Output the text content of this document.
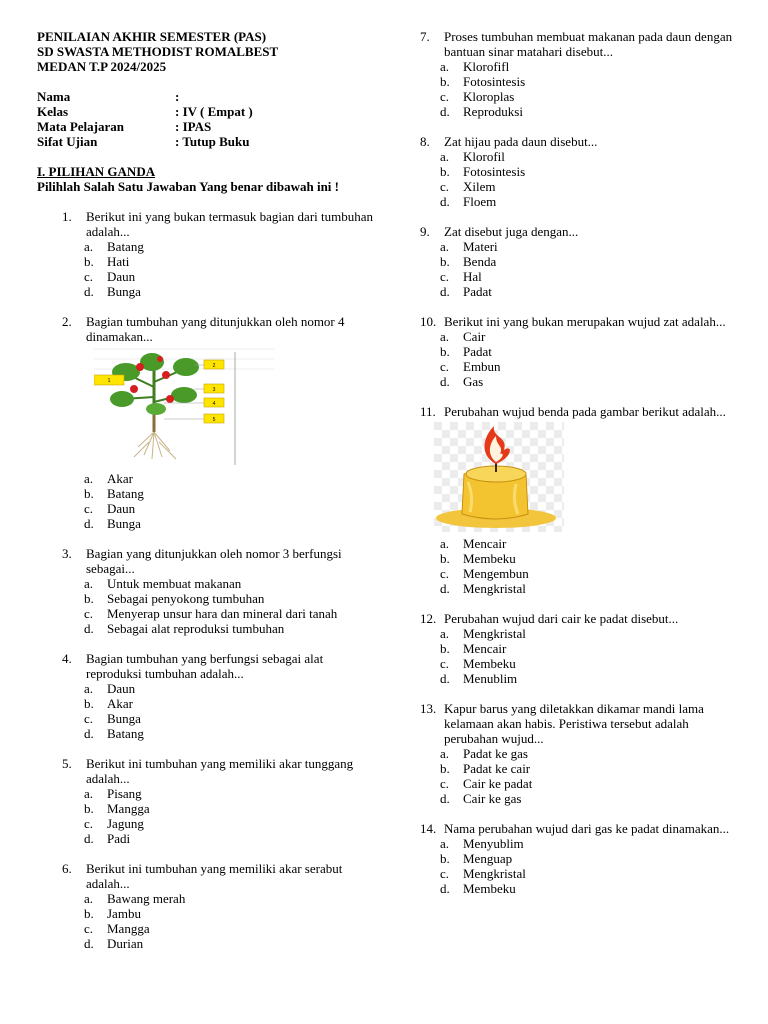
PENILAIAN AKHIR SEMESTER (PAS)
SD SWASTA METHODIST ROMALBEST
MEDAN T.P 2024/2025
Nama	:
Kelas	: IV ( Empat )
Mata Pelajaran	: IPAS
Sifat Ujian	: Tutup Buku
I. PILIHAN GANDA
Pilihlah Salah Satu Jawaban Yang benar dibawah ini !
1.	Berikut ini yang bukan termasuk bagian dari tumbuhan adalah...
a.	Batang
b.	Hati
c.	Daun
d.	Bunga
2.	Bagian tumbuhan yang ditunjukkan oleh nomor 4 dinamakan...
1
2
3
4
5
a.	Akar
b.	Batang
c.	Daun
d.	Bunga
3.	Bagian yang ditunjukkan oleh nomor 3 berfungsi sebagai...
a.	Untuk membuat makanan
b.	Sebagai penyokong tumbuhan
c.	Menyerap unsur hara dan mineral dari tanah
d.	Sebagai alat reproduksi tumbuhan
4.	Bagian tumbuhan yang berfungsi sebagai alat reproduksi tumbuhan adalah...
a.	Daun
b.	Akar
c.	Bunga
d.	Batang
5.	Berikut ini tumbuhan yang memiliki akar tunggang adalah...
a.	Pisang
b.	Mangga
c.	Jagung
d.	Padi
6.	Berikut ini tumbuhan yang memiliki akar serabut adalah...
a.	Bawang merah
b.	Jambu
c.	Mangga
d.	Durian
7.	Proses tumbuhan membuat makanan pada daun dengan bantuan sinar matahari disebut...
a.	Klorofifl
b.	Fotosintesis
c.	Kloroplas
d.	Reproduksi
8.	Zat hijau pada daun disebut...
a.	Klorofil
b.	Fotosintesis
c.	Xilem
d.	Floem
9.	Zat disebut juga dengan...
a.	Materi
b.	Benda
c.	Hal
d.	Padat
10. Berikut ini yang bukan merupakan wujud zat adalah...
a.	Cair
b.	Padat
c.	Embun
d.	Gas
11. Perubahan wujud benda pada gambar berikut adalah...
a.	Mencair
b.	Membeku
c.	Mengembun
d.	Mengkristal
12. Perubahan wujud dari cair ke padat disebut...
a.	Mengkristal
b.	Mencair
c.	Membeku
d.	Menublim
13. Kapur barus yang diletakkan dikamar mandi lama kelamaan akan habis. Peristiwa tersebut adalah perubahan wujud...
a.	Padat ke gas
b.	Padat ke cair
c.	Cair ke padat
d.	Cair ke gas
14. Nama perubahan wujud dari gas ke padat dinamakan...
a.	Menyublim
b.	Menguap
c.	Mengkristal
d.	Membeku
